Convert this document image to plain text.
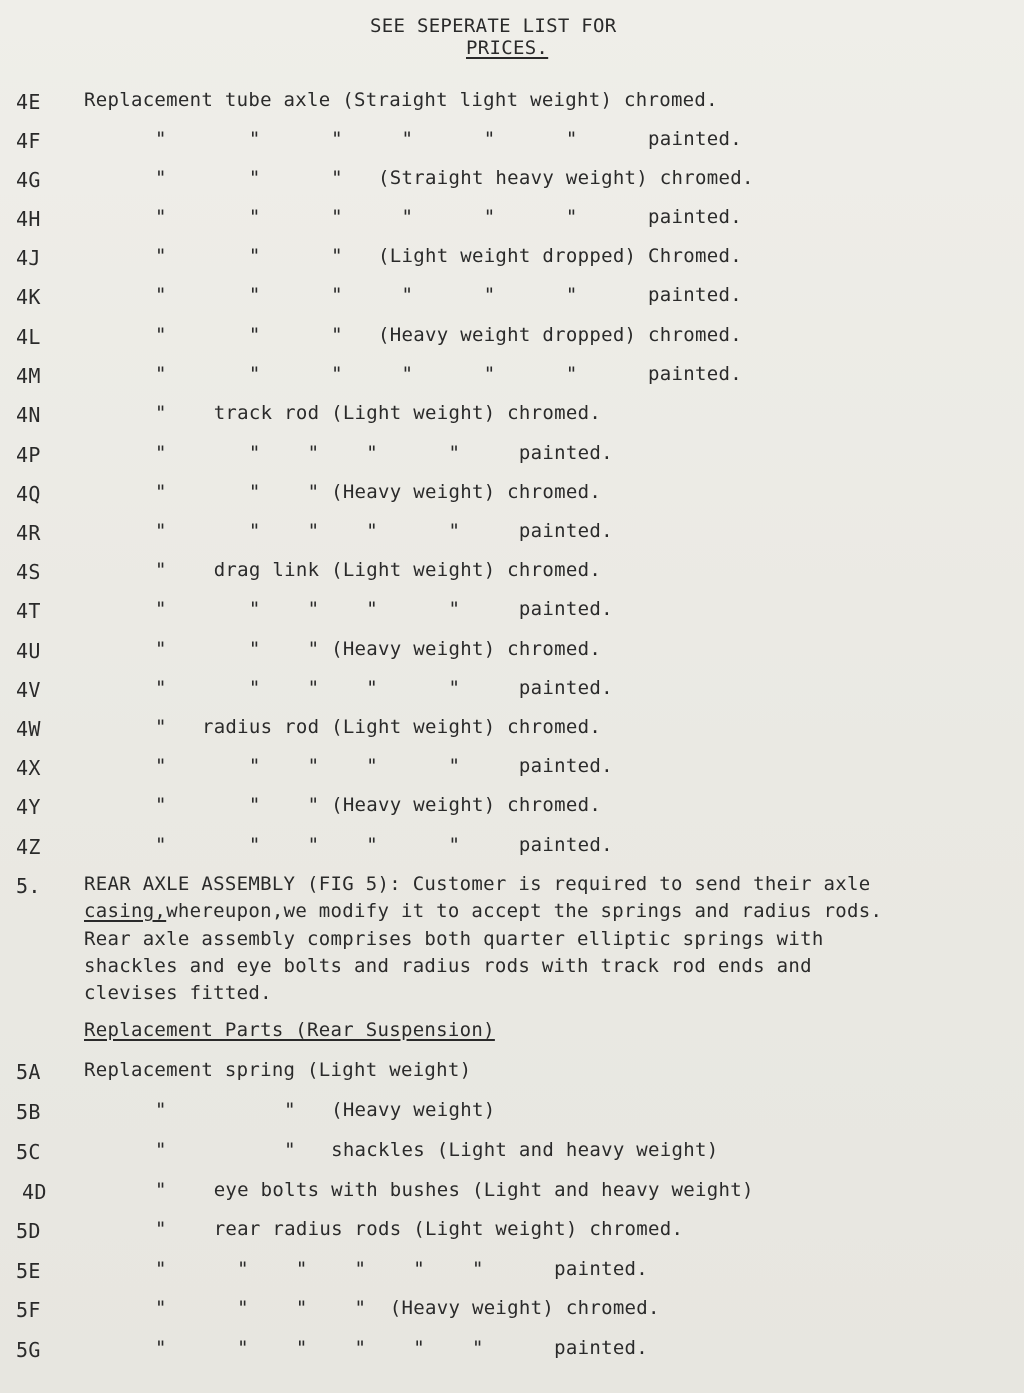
SEE SEPERATE LIST FOR
PRICES.
4E Replacement tube axle (Straight light weight) chromed.
4F	"       "      "     "      "      "      painted.
4G	"       "      "   (Straight heavy weight) chromed.
4H	"       "      "     "      "      "      painted.
4J	"       "      "   (Light weight dropped) Chromed.
4K	"       "      "     "      "      "      painted.
4L	"       "      "   (Heavy weight dropped) chromed.
4M	"       "      "     "      "      "      painted.
4N	"    track rod (Light weight) chromed.
4P	"       "    "    "      "     painted.
4Q	"       "    " (Heavy weight) chromed.
4R	"       "    "    "      "     painted.
4S	"    drag link (Light weight) chromed.
4T	"       "    "    "      "     painted.
4U	"       "    " (Heavy weight) chromed.
4V	"       "    "    "      "     painted.
4W	"   radius rod (Light weight) chromed.
4X	"       "    "    "      "     painted.
4Y	"       "    " (Heavy weight) chromed.
4Z	"       "    "    "      "     painted.
5. REAR AXLE ASSEMBLY (FIG 5): Customer is required to send their axle
casing,whereupon,we modify it to accept the springs and radius rods.
Rear axle assembly comprises both quarter elliptic springs with
shackles and eye bolts and radius rods with track rod ends and
clevises fitted.
Replacement Parts (Rear Suspension)
5A Replacement spring (Light weight)
5B	"          "   (Heavy weight)
5C	"          "   shackles (Light and heavy weight)
4D	"    eye bolts with bushes (Light and heavy weight)
5D	"    rear radius rods (Light weight) chromed.
5E	"      "    "    "    "    "      painted.
5F	"      "    "    "  (Heavy weight) chromed.
5G	"      "    "    "    "    "      painted.
